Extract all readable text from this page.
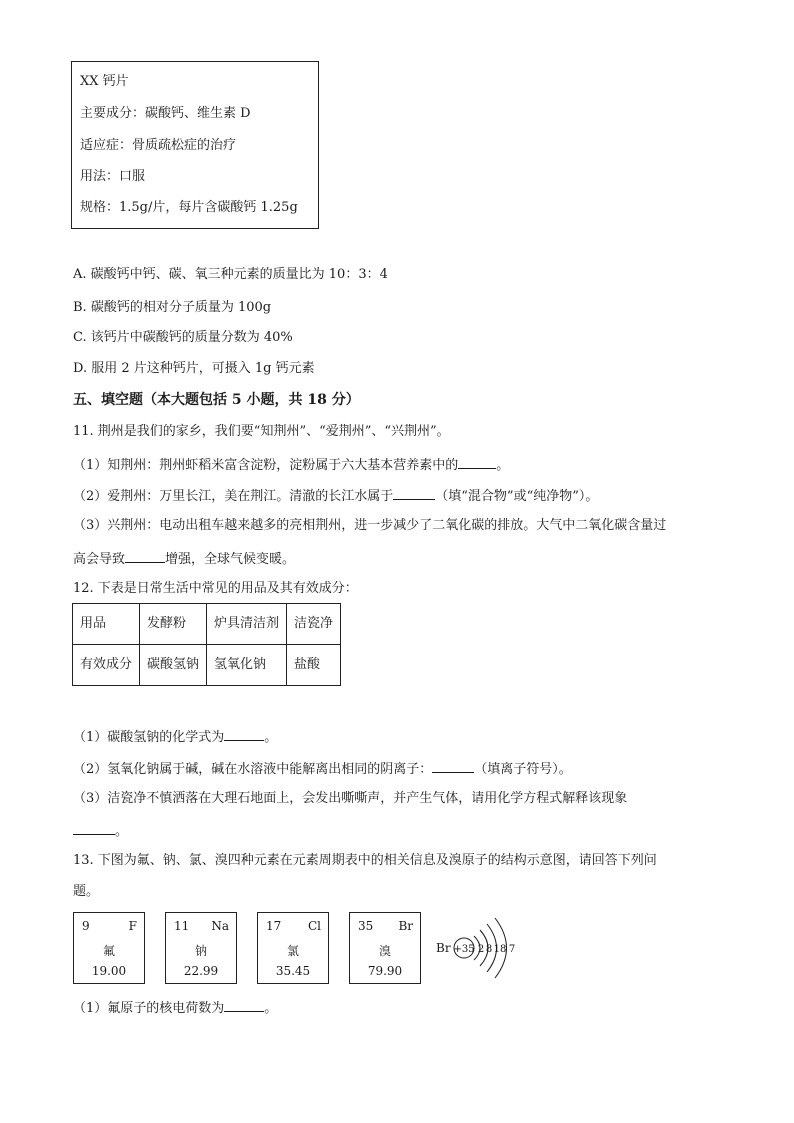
XX 钙片
主要成分：碳酸钙、维生素 D
适应症：骨质疏松症的治疗
用法：口服
规格：1.5g/片，每片含碳酸钙 1.25g
A. 碳酸钙中钙、碳、氧三种元素的质量比为 10：3：4
B. 碳酸钙的相对分子质量为 100g
C. 该钙片中碳酸钙的质量分数为 40%
D. 服用 2 片这种钙片，可摄入 1g 钙元素
五、填空题（本大题包括 5 小题，共 18 分）
11. 荆州是我们的家乡，我们要“知荆州”、“爱荆州”、“兴荆州”。
（1）知荆州：荆州虾稻米富含淀粉，淀粉属于六大基本营养素中的	。
（2）爱荆州：万里长江，美在荆江。清澈的长江水属于	（填“混合物”或“纯净物”）。
（3）兴荆州：电动出租车越来越多的亮相荆州，进一步减少了二氧化碳的排放。大气中二氧化碳含量过
高会导致	增强，全球气候变暖。
12. 下表是日常生活中常见的用品及其有效成分：
用品	发酵粉	炉具清洁剂	洁瓷净
有效成分	碳酸氢钠	氢氧化钠	盐酸
（1）碳酸氢钠的化学式为	。
（2）氢氧化钠属于碱，碱在水溶液中能解离出相同的阴离子：	（填离子符号）。
（3）洁瓷净不慎洒落在大理石地面上，会发出嘶嘶声，并产生气体，请用化学方程式解释该现象
。
13. 下图为氟、钠、氯、溴四种元素在元素周期表中的相关信息及溴原子的结构示意图，请回答下列问
题。
9	F
氟
19.00
11 Na
钠
22.99
17 Cl
氯
35.45
35 Br
溴
79.90
Br +35 2 8 18 7
（1）氟原子的核电荷数为	。
